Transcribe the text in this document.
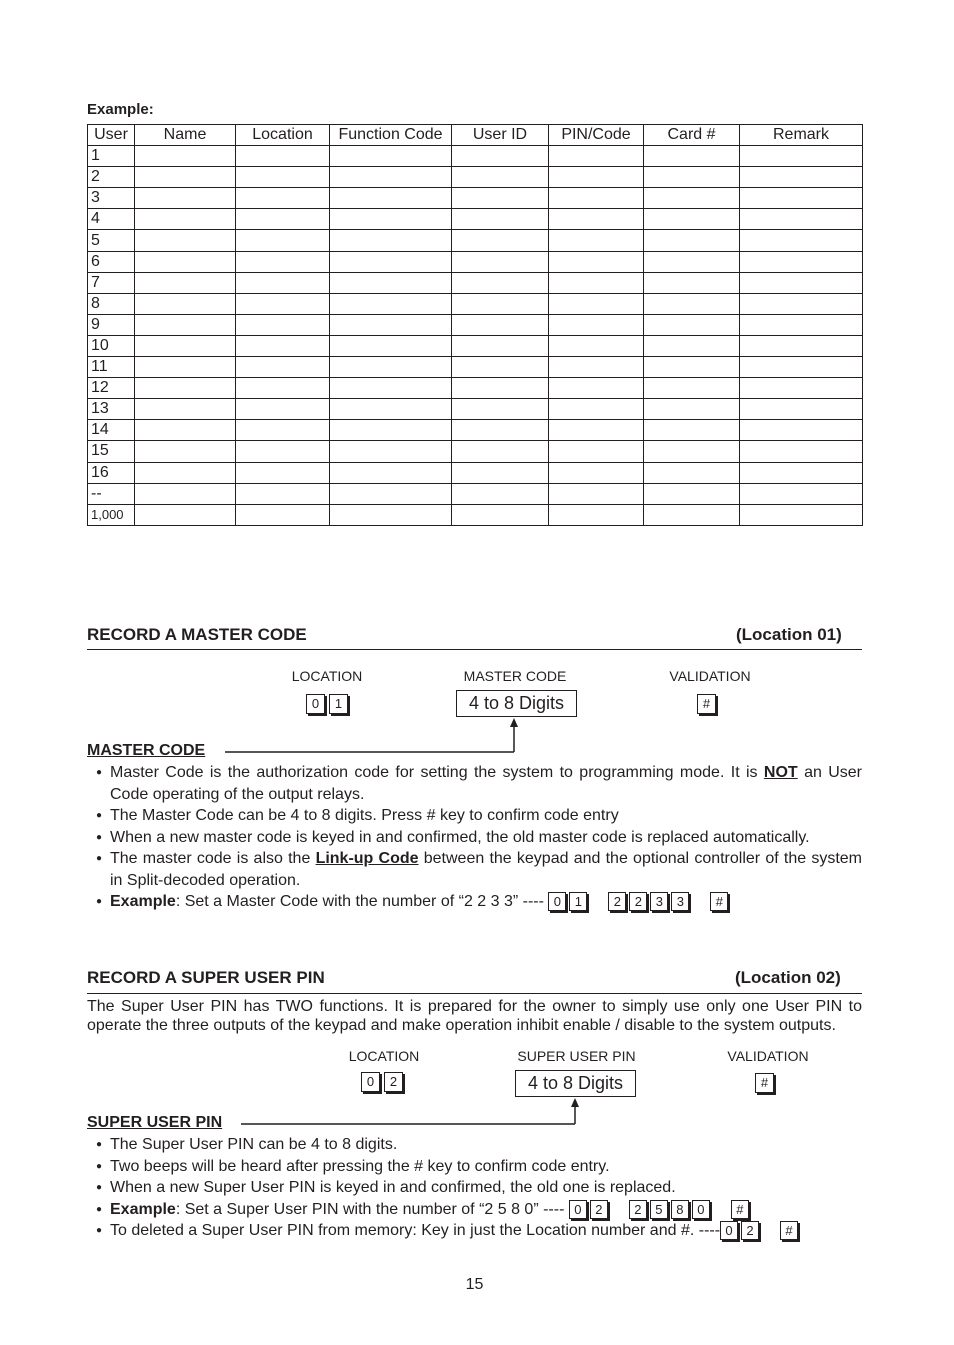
Example:
User	Name	Location	Function Code	User ID	PIN/Code	Card #	Remark
1							
2							
3							
4							
5							
6							
7							
8							
9							
10							
11							
12							
13							
14							
15							
16							
--							
1,000							
RECORD A MASTER CODE	(Location 01)
LOCATION	MASTER CODE	VALIDATION
0 1	4 to 8 Digits	#
MASTER CODE
● Master Code is the authorization code for setting the system to programming mode. It is NOT an User Code operating of the output relays.
● The Master Code can be 4 to 8 digits. Press # key to confirm code entry
● When a new master code is keyed in and confirmed, the old master code is replaced automatically.
● The master code is also the Link-up Code between the keypad and the optional controller of the system in Split-decoded operation.
● Example: Set a Master Code with the number of “2 2 3 3” ---- 0 1 2 2 3 3 #
RECORD A SUPER USER PIN	(Location 02)
The Super User PIN has TWO functions. It is prepared for the owner to simply use only one User PIN to operate the three outputs of the keypad and make operation inhibit enable / disable to the system outputs.
LOCATION	SUPER USER PIN	VALIDATION
0 2	4 to 8 Digits	#
SUPER USER PIN
● The Super User PIN can be 4 to 8 digits.
● Two beeps will be heard after pressing the # key to confirm code entry.
● When a new Super User PIN is keyed in and confirmed, the old one is replaced.
● Example: Set a Super User PIN with the number of “2 5 8 0” ---- 0 2 2 5 8 0 #
● To deleted a Super User PIN from memory: Key in just the Location number and #. ---- 0 2 #
15
